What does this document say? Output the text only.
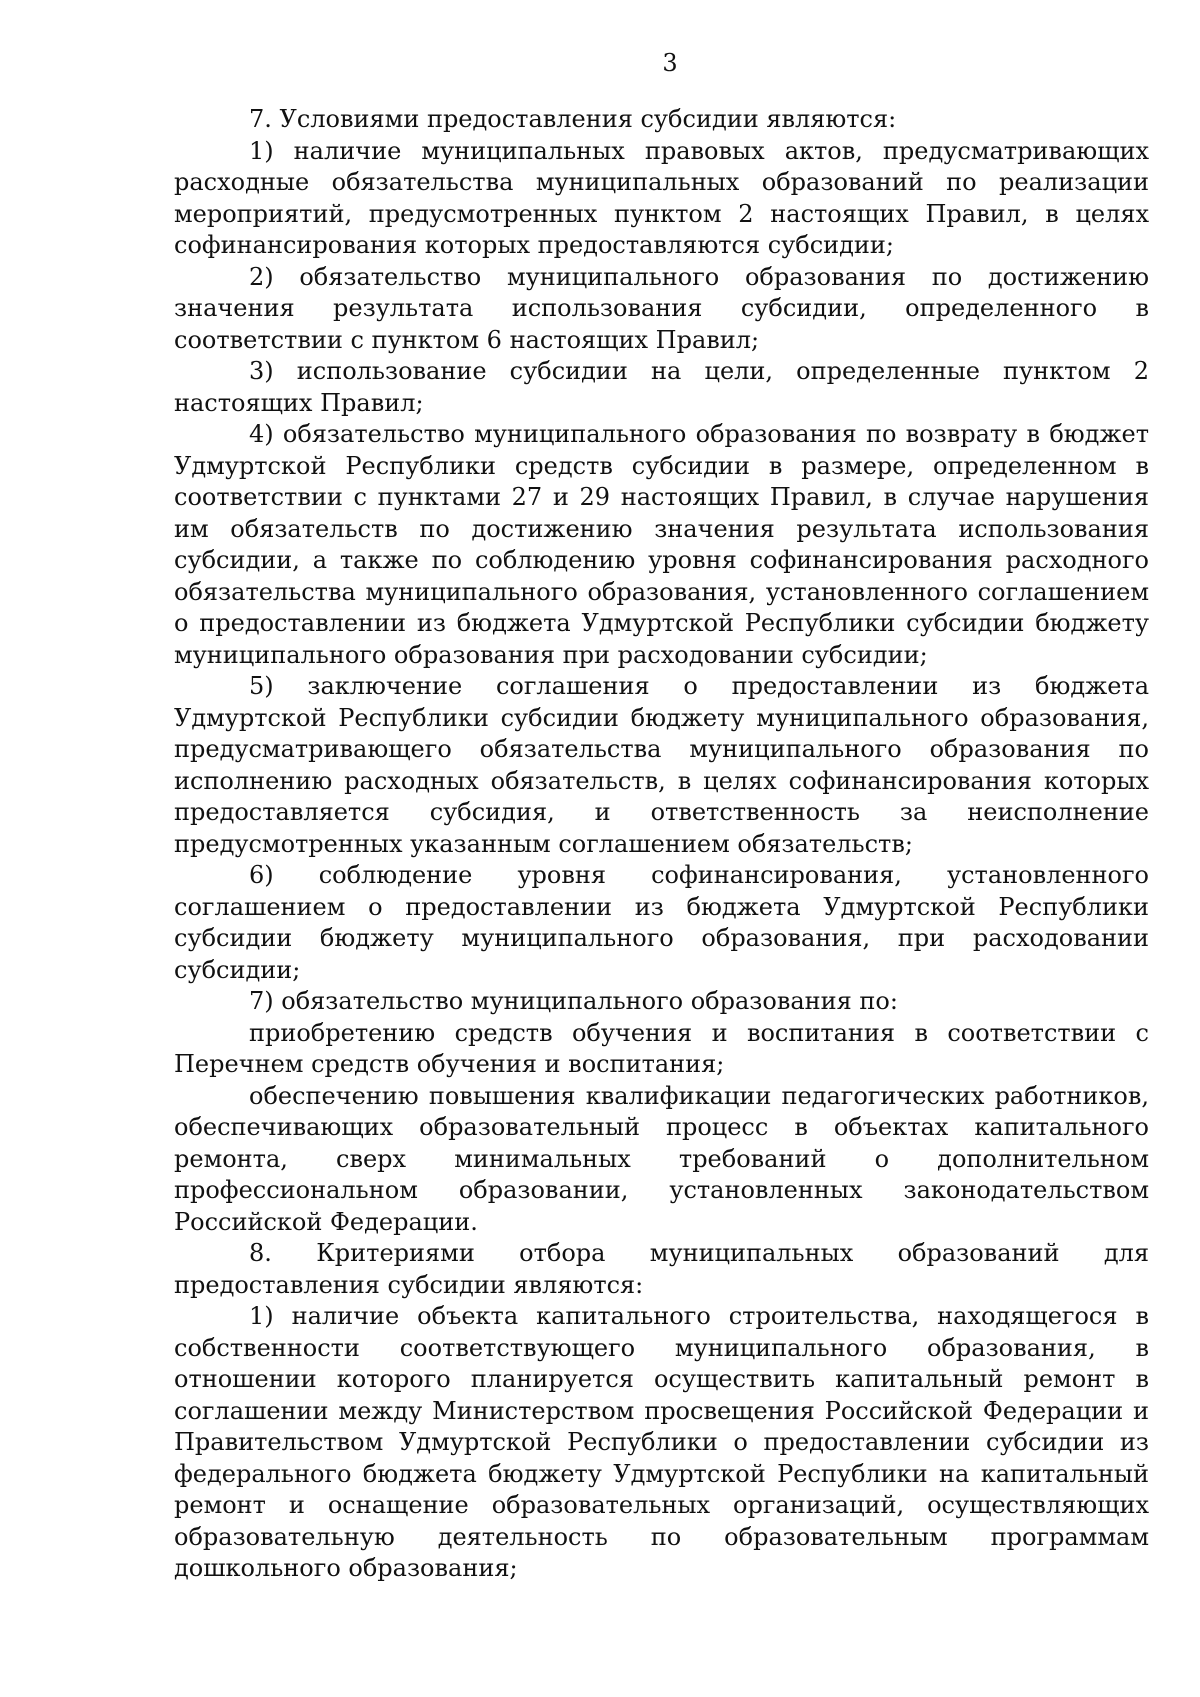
3

7. Условиями предоставления субсидии являются:

1) наличие муниципальных правовых актов, предусматривающих расходные обязательства муниципальных образований по реализации мероприятий, предусмотренных пунктом 2 настоящих Правил, в целях софинансирования которых предоставляются субсидии;

2) обязательство муниципального образования по достижению значения результата использования субсидии, определенного в соответствии с пунктом 6 настоящих Правил;

3) использование субсидии на цели, определенные пунктом 2 настоящих Правил;

4) обязательство муниципального образования по возврату в бюджет Удмуртской Республики средств субсидии в размере, определенном в соответствии с пунктами 27 и 29 настоящих Правил, в случае нарушения им обязательств по достижению значения результата использования субсидии, а также по соблюдению уровня софинансирования расходного обязательства муниципального образования, установленного соглашением о предоставлении из бюджета Удмуртской Республики субсидии бюджету муниципального образования при расходовании субсидии;

5) заключение соглашения о предоставлении из бюджета Удмуртской Республики субсидии бюджету муниципального образования, предусматривающего обязательства муниципального образования по исполнению расходных обязательств, в целях софинансирования которых предоставляется субсидия, и ответственность за неисполнение предусмотренных указанным соглашением обязательств;

6) соблюдение уровня софинансирования, установленного соглашением о предоставлении из бюджета Удмуртской Республики субсидии бюджету муниципального образования, при расходовании субсидии;

7) обязательство муниципального образования по:

приобретению средств обучения и воспитания в соответствии с Перечнем средств обучения и воспитания;

обеспечению повышения квалификации педагогических работников, обеспечивающих образовательный процесс в объектах капитального ремонта, сверх минимальных требований о дополнительном профессиональном образовании, установленных законодательством Российской Федерации.

8. Критериями отбора муниципальных образований для предоставления субсидии являются:

1) наличие объекта капитального строительства, находящегося в собственности соответствующего муниципального образования, в отношении которого планируется осуществить капитальный ремонт в соглашении между Министерством просвещения Российской Федерации и Правительством Удмуртской Республики о предоставлении субсидии из федерального бюджета бюджету Удмуртской Республики на капитальный ремонт и оснащение образовательных организаций, осуществляющих образовательную деятельность по образовательным программам дошкольного образования;
